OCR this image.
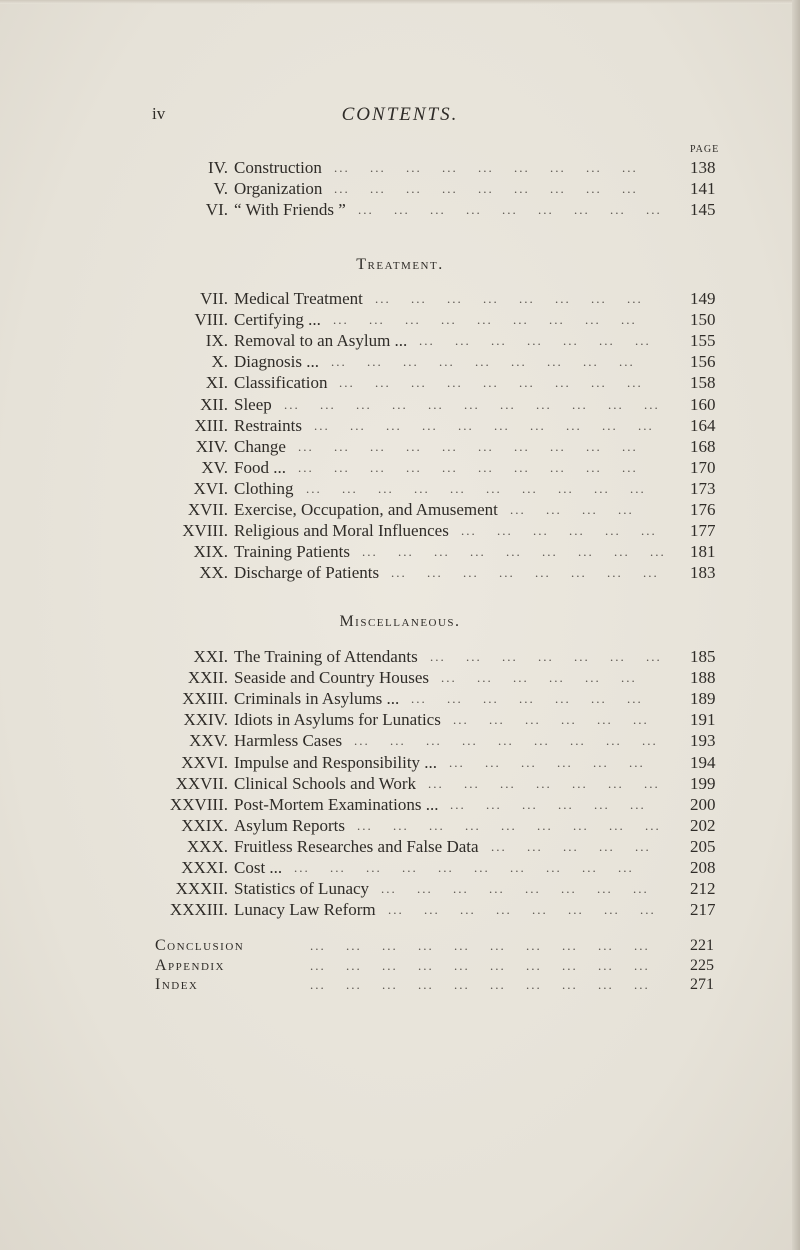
iv	CONTENTS.
PAGE
IV. Construction	138
...  ...  ...  ...  ...  ...  ...  ...  ...                                                               
V. Organization	141
...  ...  ...  ...  ...  ...  ...  ...  ...                                                               
VI. “ With Friends ”	145
...  ...  ...  ...  ...  ...  ...  ...  ...                                                               
Treatment.
VII. Medical Treatment	149
...  ...  ...  ...  ...  ...  ...  ...                                                                 
VIII. Certifying ...	150
...  ...  ...  ...  ...  ...  ...  ...  ...                                                               
IX. Removal to an Asylum ...	155
...  ...  ...  ...  ...  ...  ...                                                                   
X. Diagnosis ...	156
...  ...  ...  ...  ...  ...  ...  ...  ...                                                               
XI. Classification	158
...  ...  ...  ...  ...  ...  ...  ...  ...                                                               
XII. Sleep	160
...  ...  ...  ...  ...  ...  ...  ...  ...  ...  ...                                                           
XIII. Restraints	164
...  ...  ...  ...  ...  ...  ...  ...  ...  ...                                                             
XIV. Change	168
...  ...  ...  ...  ...  ...  ...  ...  ...  ...                                                             
XV. Food ...	170
...  ...  ...  ...  ...  ...  ...  ...  ...  ...                                                             
XVI. Clothing	173
...  ...  ...  ...  ...  ...  ...  ...  ...  ...                                                             
XVII. Exercise, Occupation, and Amusement	176
...  ...  ...  ...                                                                         
XVIII. Religious and Moral Influences	177
...  ...  ...  ...  ...  ...                                                                     
XIX. Training Patients	181
...  ...  ...  ...  ...  ...  ...  ...  ...                                                               
XX. Discharge of Patients	183
...  ...  ...  ...  ...  ...  ...  ...                                                                 
Miscellaneous.
XXI. The Training of Attendants	185
...  ...  ...  ...  ...  ...  ...                                                                   
XXII. Seaside and Country Houses	188
...  ...  ...  ...  ...  ...                                                                     
XXIII. Criminals in Asylums ...	189
...  ...  ...  ...  ...  ...  ...                                                                   
XXIV. Idiots in Asylums for Lunatics	191
...  ...  ...  ...  ...  ...                                                                     
XXV. Harmless Cases	193
...  ...  ...  ...  ...  ...  ...  ...  ...                                                               
XXVI. Impulse and Responsibility ...	194
...  ...  ...  ...  ...  ...                                                                     
XXVII. Clinical Schools and Work	199
...  ...  ...  ...  ...  ...  ...                                                                   
XXVIII. Post-Mortem Examinations ...	200
...  ...  ...  ...  ...  ...                                                                     
XXIX. Asylum Reports	202
...  ...  ...  ...  ...  ...  ...  ...  ...                                                               
XXX. Fruitless Researches and False Data	205
...  ...  ...  ...  ...                                                                       
XXXI. Cost ...	208
...  ...  ...  ...  ...  ...  ...  ...  ...  ...                                                             
XXXII. Statistics of Lunacy	212
...  ...  ...  ...  ...  ...  ...  ...                                                                 
XXXIII. Lunacy Law Reform	217
...  ...  ...  ...  ...  ...  ...  ...                                                                 
Conclusion	...  ...  ...  ...  ...  ...  ...  ...  ...  ...                                                             	221
Appendix	...  ...  ...  ...  ...  ...  ...  ...  ...  ...                                                             	225
Index	...  ...  ...  ...  ...  ...  ...  ...  ...  ...                                                             	271
